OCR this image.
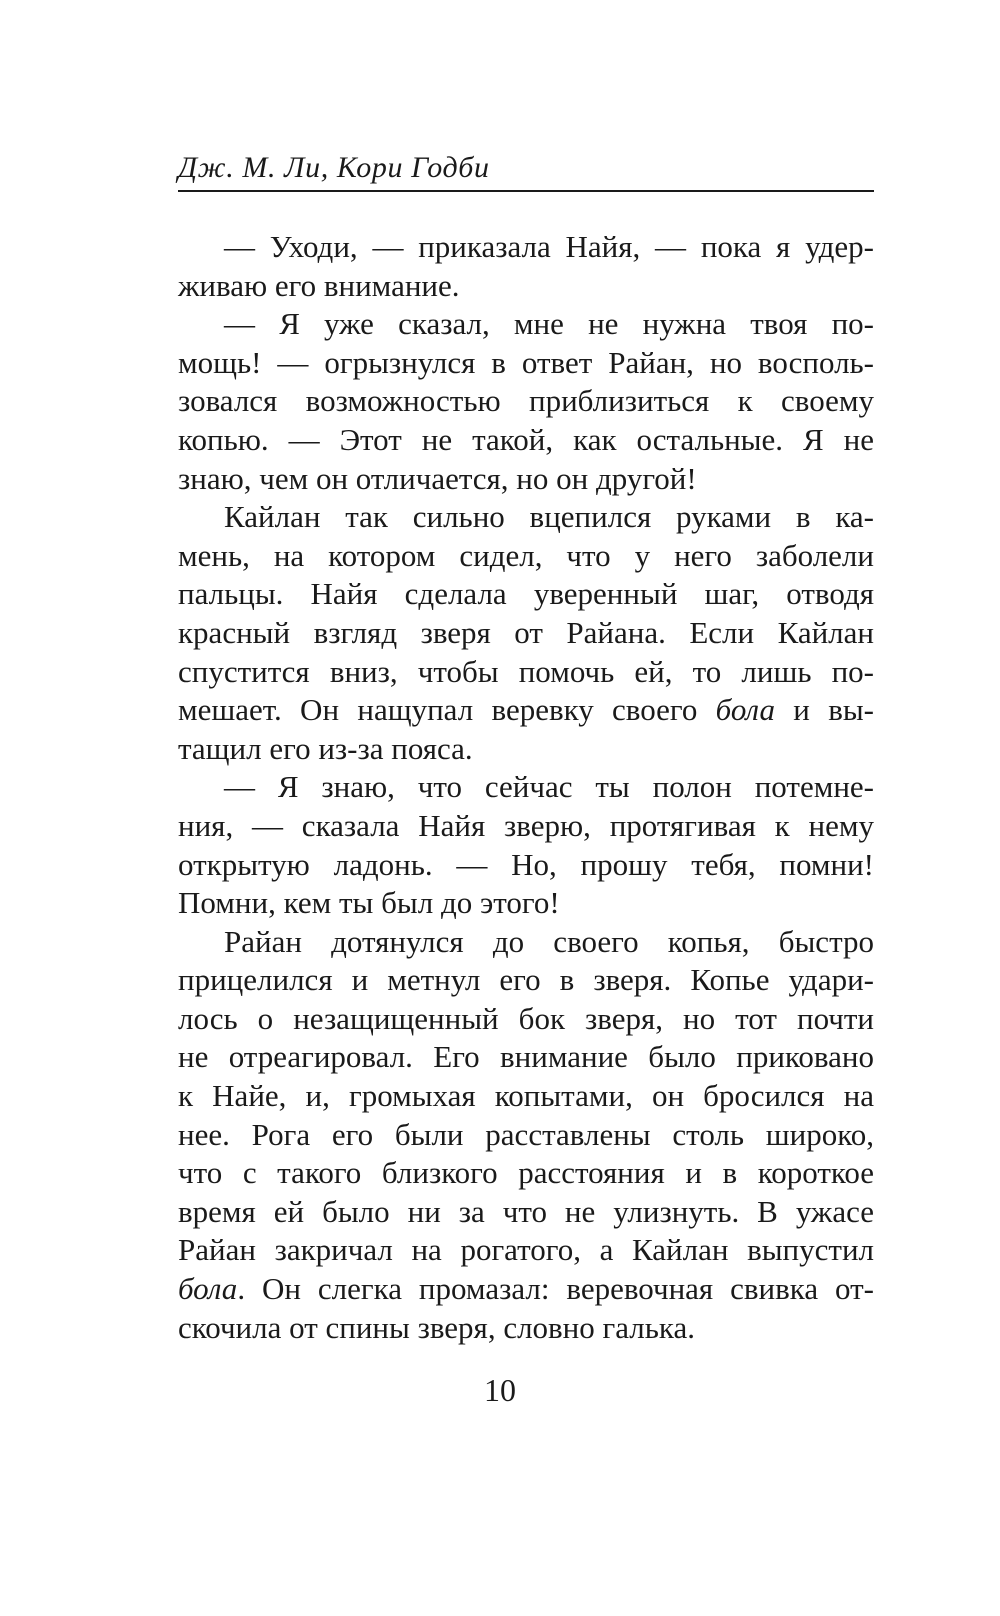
Дж. М. Ли, Кори Годби
— Уходи, — приказала Найя, — пока я удер-
живаю его внимание.
— Я уже сказал, мне не нужна твоя по-
мощь! — огрызнулся в ответ Райан, но восполь-
зовался возможностью приблизиться к своему
копью. — Этот не такой, как остальные. Я не
знаю, чем он отличается, но он другой!
Кайлан так сильно вцепился руками в ка-
мень, на котором сидел, что у него заболели
пальцы. Найя сделала уверенный шаг, отводя
красный взгляд зверя от Райана. Если Кайлан
спустится вниз, чтобы помочь ей, то лишь по-
мешает. Он нащупал веревку своего бола и вы-
тащил его из-за пояса.
— Я знаю, что сейчас ты полон потемне-
ния, — сказала Найя зверю, протягивая к нему
открытую ладонь. — Но, прошу тебя, помни!
Помни, кем ты был до этого!
Райан дотянулся до своего копья, быстро
прицелился и метнул его в зверя. Копье удари-
лось о незащищенный бок зверя, но тот почти
не отреагировал. Его внимание было приковано
к Найе, и, громыхая копытами, он бросился на
нее. Рога его были расставлены столь широко,
что с такого близкого расстояния и в короткое
время ей было ни за что не улизнуть. В ужасе
Райан закричал на рогатого, а Кайлан выпустил
бола. Он слегка промазал: веревочная свивка от-
скочила от спины зверя, словно галька.
10
